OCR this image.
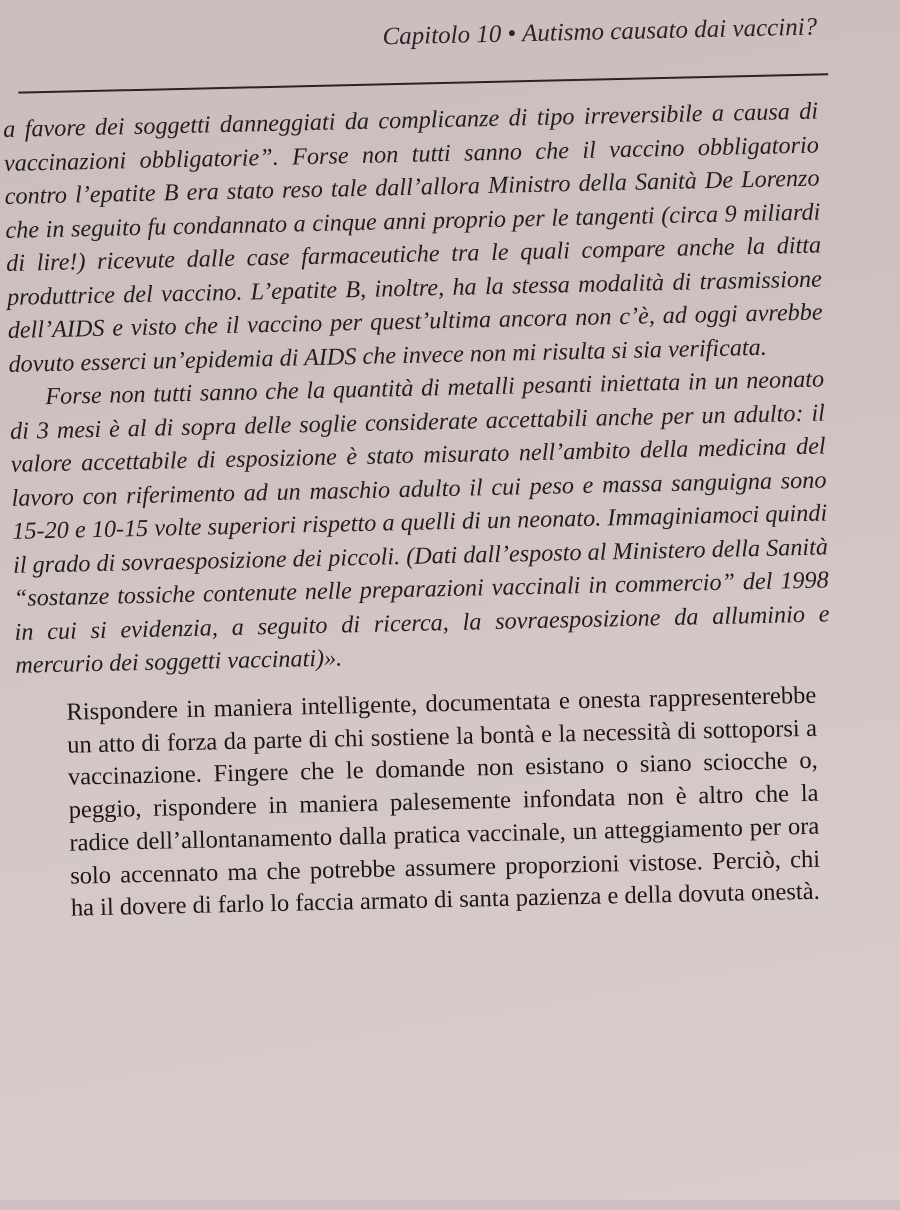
Capitolo 10 • Autismo causato dai vaccini?

a favore dei soggetti danneggiati da complicanze di tipo irreversibile a causa di vaccinazioni obbligatorie”. Forse non tutti sanno che il vaccino obbligatorio contro l’epatite B era stato reso tale dall’allora Ministro della Sanità De Lorenzo che in seguito fu condannato a cinque anni proprio per le tangenti (circa 9 miliardi di lire!) ricevute dalle case farmaceutiche tra le quali compare anche la ditta produttrice del vaccino. L’epatite B, inoltre, ha la stessa modalità di trasmissione dell’AIDS e visto che il vaccino per quest’ultima ancora non c’è, ad oggi avrebbe dovuto esserci un’epidemia di AIDS che invece non mi risulta si sia verificata.

Forse non tutti sanno che la quantità di metalli pesanti iniettata in un neonato di 3 mesi è al di sopra delle soglie considerate accettabili anche per un adulto: il valore accettabile di esposizione è stato misurato nell’ambito della medicina del lavoro con riferimento ad un maschio adulto il cui peso e massa sanguigna sono 15-20 e 10-15 volte superiori rispetto a quelli di un neonato. Immaginiamoci quindi il grado di sovraesposizione dei piccoli. (Dati dall’esposto al Ministero della Sanità “sostanze tossiche contenute nelle preparazioni vaccinali in commercio” del 1998 in cui si evidenzia, a seguito di ricerca, la sovraesposizione da alluminio e mercurio dei soggetti vaccinati)».

Rispondere in maniera intelligente, documentata e onesta rappresenterebbe un atto di forza da parte di chi sostiene la bontà e la necessità di sottoporsi a vaccinazione. Fingere che le domande non esistano o siano sciocche o, peggio, rispondere in maniera palesemente infondata non è altro che la radice dell’allontanamento dalla pratica vaccinale, un atteggiamento per ora solo accennato ma che potrebbe assumere proporzioni vistose. Perciò, chi ha il dovere di farlo lo faccia armato di santa pazienza e della dovuta onestà.
